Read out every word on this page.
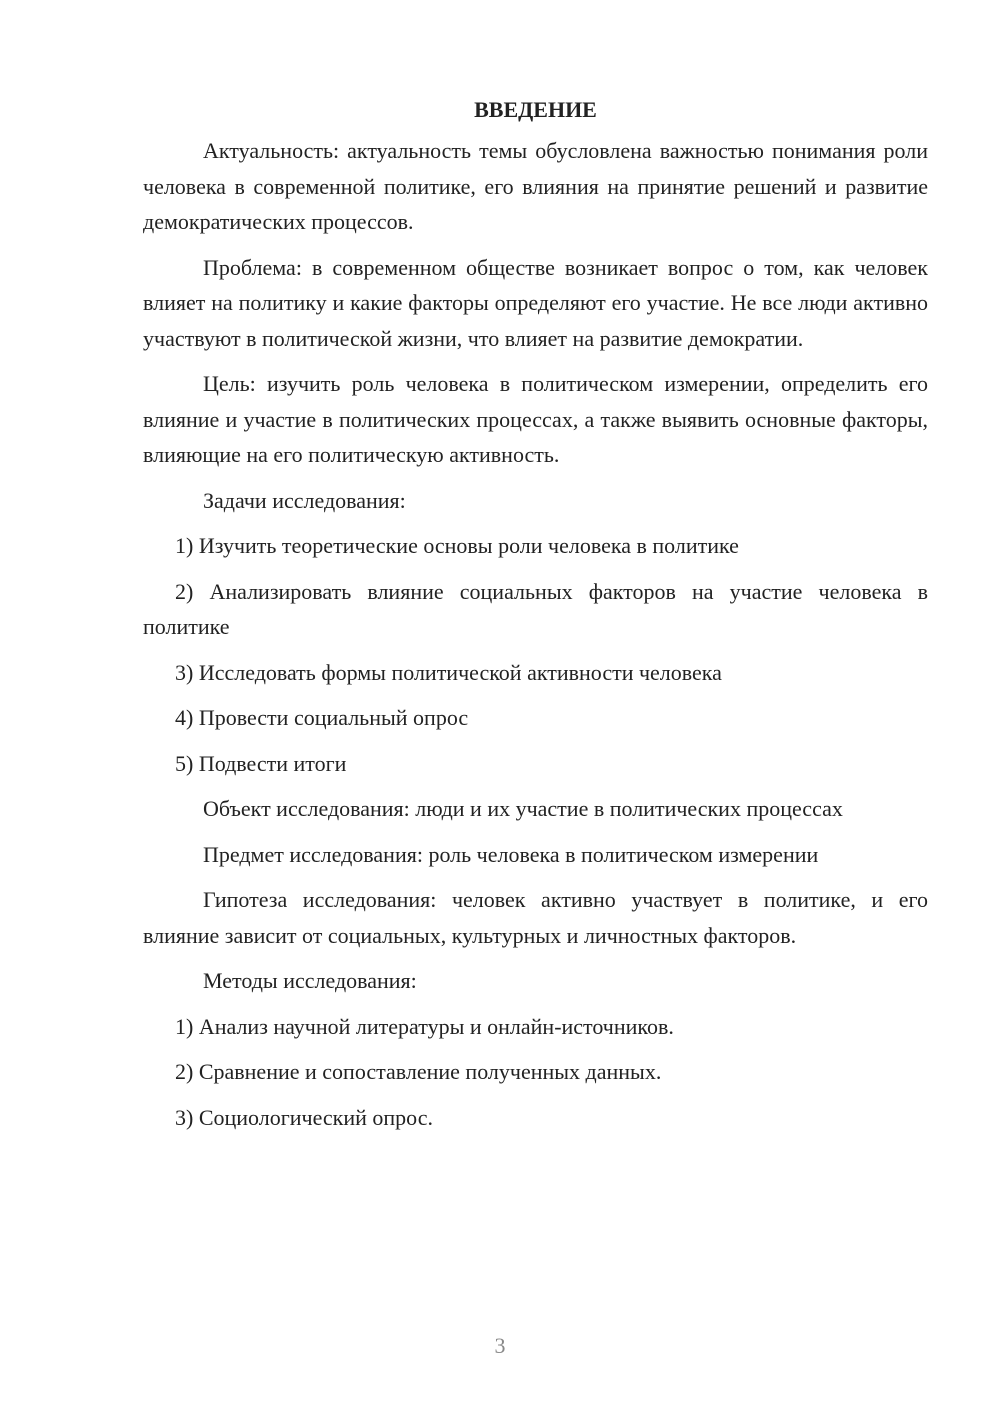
ВВЕДЕНИЕ

Актуальность: актуальность темы обусловлена важностью понимания роли человека в современной политике, его влияния на принятие решений и развитие демократических процессов.

Проблема: в современном обществе возникает вопрос о том, как человек влияет на политику и какие факторы определяют его участие. Не все люди активно участвуют в политической жизни, что влияет на развитие демократии.

Цель: изучить роль человека в политическом измерении, определить его влияние и участие в политических процессах, а также выявить основные факторы, влияющие на его политическую активность.

Задачи исследования:

1) Изучить теоретические основы роли человека в политике

2) Анализировать влияние социальных факторов на участие человека в политике

3) Исследовать формы политической активности человека

4) Провести социальный опрос

5) Подвести итоги

Объект исследования: люди и их участие в политических процессах

Предмет исследования: роль человека в политическом измерении

Гипотеза исследования: человек активно участвует в политике, и его влияние зависит от социальных, культурных и личностных факторов.

Методы исследования:

1) Анализ научной литературы и онлайн-источников.

2) Сравнение и сопоставление полученных данных.

3) Социологический опрос.

3
